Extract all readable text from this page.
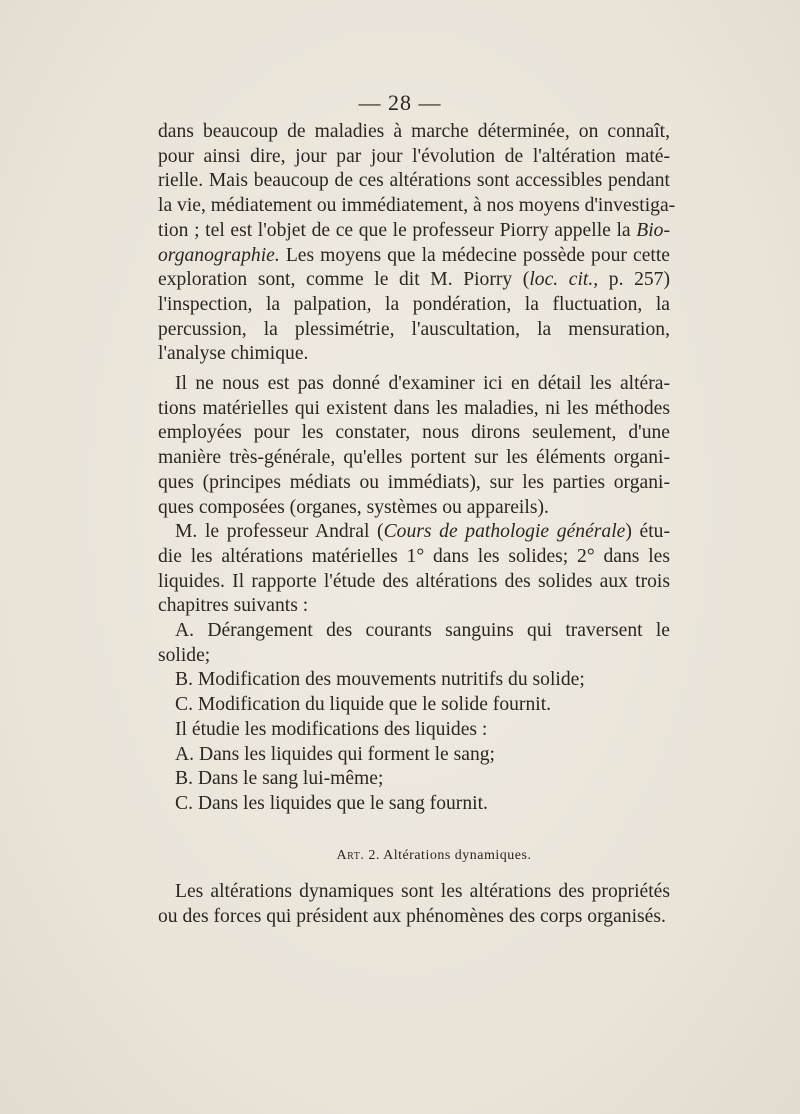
— 28 —

dans beaucoup de maladies à marche déterminée, on connaît,
pour ainsi dire, jour par jour l'évolution de l'altération maté-
rielle. Mais beaucoup de ces altérations sont accessibles pendant
la vie, médiatement ou immédiatement, à nos moyens d'investiga-
tion ; tel est l'objet de ce que le professeur Piorry appelle la Bio-
organographie. Les moyens que la médecine possède pour cette
exploration sont, comme le dit M. Piorry (loc. cit., p. 257)
l'inspection, la palpation, la pondération, la fluctuation, la
percussion, la plessimétrie, l'auscultation, la mensuration,
l'analyse chimique.

Il ne nous est pas donné d'examiner ici en détail les altéra-
tions matérielles qui existent dans les maladies, ni les méthodes
employées pour les constater, nous dirons seulement, d'une
manière très-générale, qu'elles portent sur les éléments organi-
ques (principes médiats ou immédiats), sur les parties organi-
ques composées (organes, systèmes ou appareils).

M. le professeur Andral (Cours de pathologie générale) étu-
die les altérations matérielles 1° dans les solides; 2° dans les
liquides. Il rapporte l'étude des altérations des solides aux trois
chapitres suivants :

A. Dérangement des courants sanguins qui traversent le
solide;

B. Modification des mouvements nutritifs du solide;

C. Modification du liquide que le solide fournit.

Il étudie les modifications des liquides :

A. Dans les liquides qui forment le sang;

B. Dans le sang lui-même;

C. Dans les liquides que le sang fournit.

Art. 2. Altérations dynamiques.

Les altérations dynamiques sont les altérations des propriétés
ou des forces qui président aux phénomènes des corps organisés.
